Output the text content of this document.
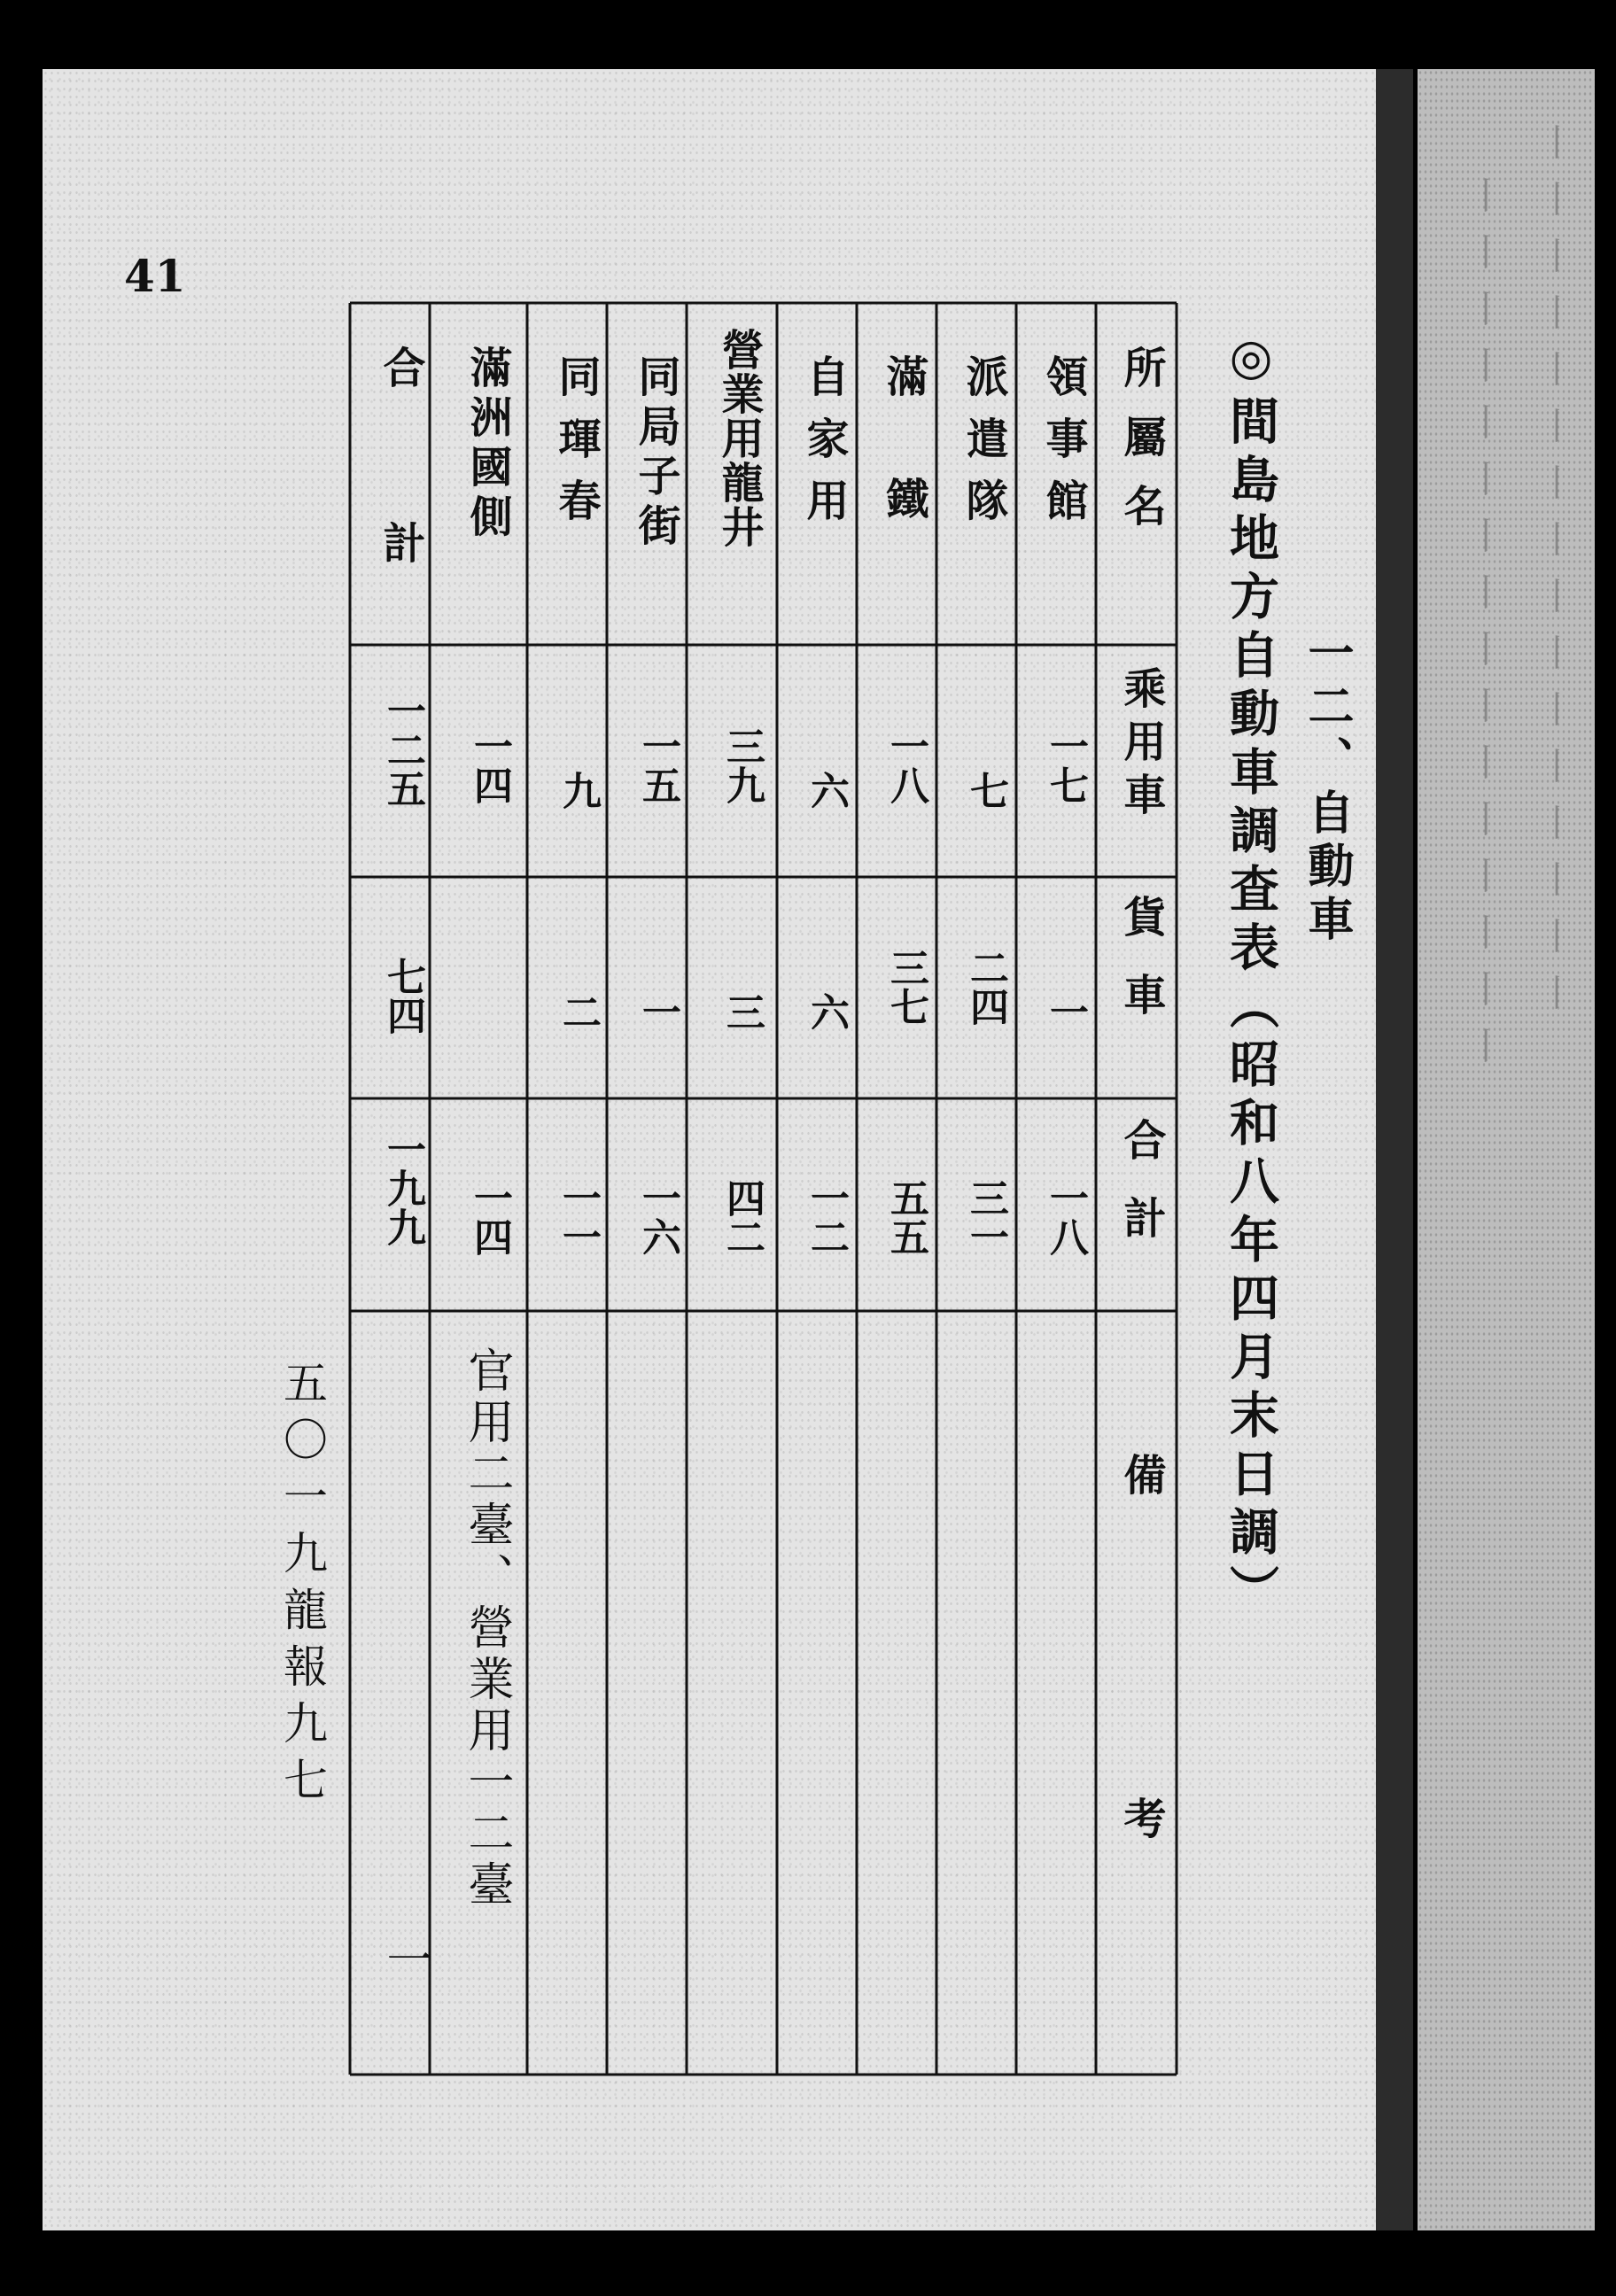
〡〡〡〡〡〡〡〡〡〡〡〡〡〡〡〡
〡〡〡〡〡〡〡〡〡〡〡〡〡〡〡〡
41
◎間島地方自動車調査表（昭和八年四月末日調） 一二、自動車
所屬名
乘用車
貨車
合計
備考
領事館
一七
一
一八
派遣隊
七
二四
三一
滿鐵
一八
三七
五五
自家用
六
六
一二
營業用龍井
三九
三
四二
同局子街
一五
一
一六
同琿春
九
二
一一
滿洲國側
一四
一四
官用二臺、營業用一二臺
合計
一二五
七四
一九九
一
五〇一九龍報九七
